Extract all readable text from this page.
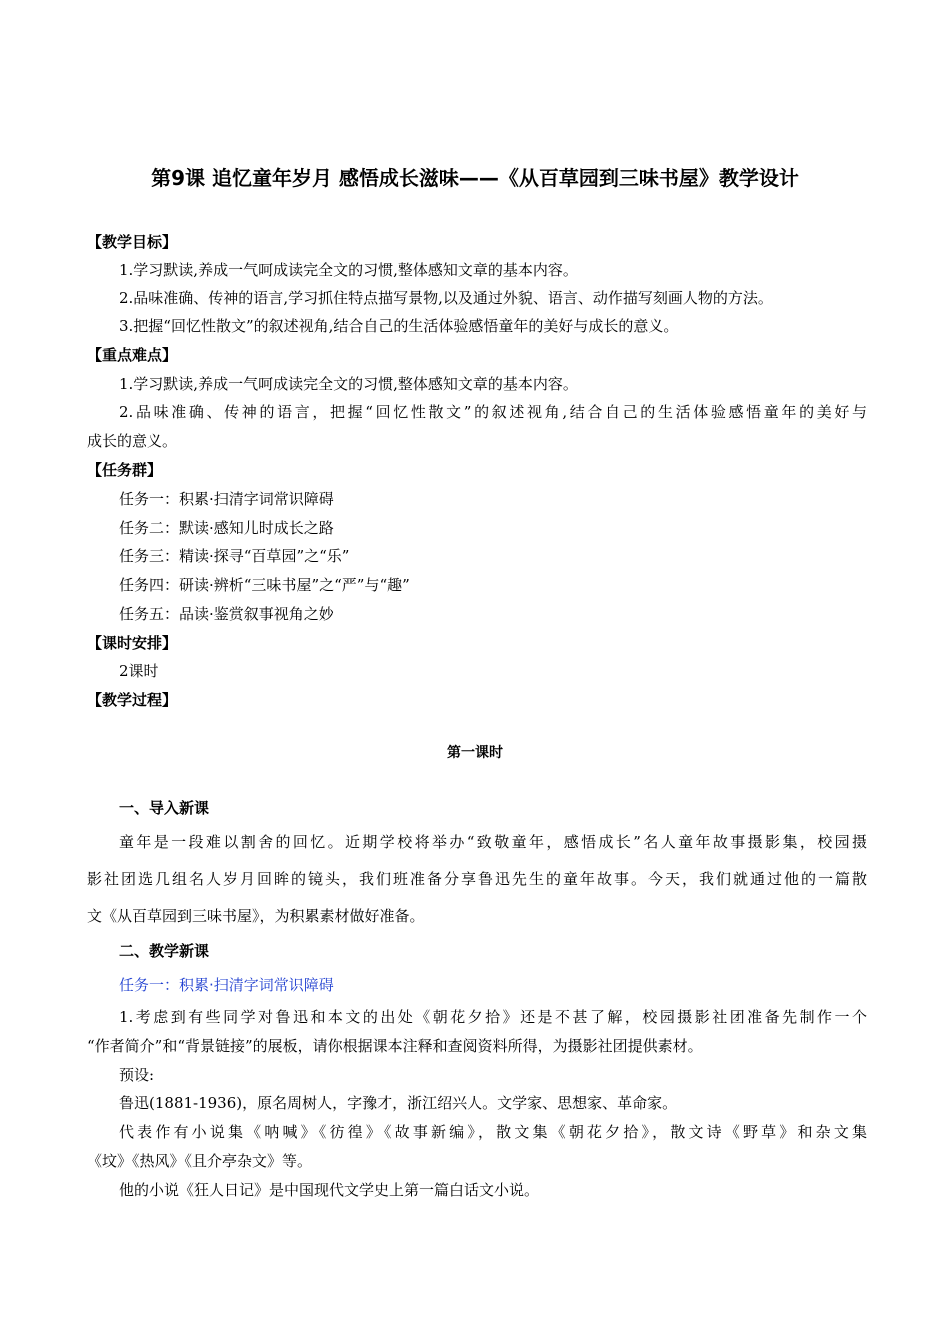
第9课 追忆童年岁月 感悟成长滋味——《从百草园到三味书屋》教学设计
【教学目标】
1.学习默读,养成一气呵成读完全文的习惯,整体感知文章的基本内容。
2.品味准确、传神的语言,学习抓住特点描写景物,以及通过外貌、语言、动作描写刻画人物的方法。
3.把握“回忆性散文”的叙述视角,结合自己的生活体验感悟童年的美好与成长的意义。
【重点难点】
1.学习默读,养成一气呵成读完全文的习惯,整体感知文章的基本内容。
2.品味准确、传神的语言，把握“回忆性散文”的叙述视角,结合自己的生活体验感悟童年的美好与
成长的意义。
【任务群】
任务一：积累·扫清字词常识障碍
任务二：默读·感知儿时成长之路
任务三：精读·探寻“百草园”之“乐”
任务四：研读·辨析“三味书屋”之“严”与“趣”
任务五：品读·鉴赏叙事视角之妙
【课时安排】
2课时
【教学过程】
第一课时
一、导入新课
童年是一段难以割舍的回忆。近期学校将举办“致敬童年，感悟成长”名人童年故事摄影集，校园摄
影社团选几组名人岁月回眸的镜头，我们班准备分享鲁迅先生的童年故事。今天，我们就通过他的一篇散
文《从百草园到三味书屋》，为积累素材做好准备。
二、教学新课
任务一：积累·扫清字词常识障碍
1.考虑到有些同学对鲁迅和本文的出处《朝花夕拾》还是不甚了解，校园摄影社团准备先制作一个
“作者简介”和“背景链接”的展板，请你根据课本注释和查阅资料所得，为摄影社团提供素材。
预设:
鲁迅(1881-1936)，原名周树人，字豫才，浙江绍兴人。文学家、思想家、革命家。
代表作有小说集《呐喊》《彷徨》《故事新编》，散文集《朝花夕拾》，散文诗《野草》和杂文集
《坟》《热风》《且介亭杂文》等。
他的小说《狂人日记》是中国现代文学史上第一篇白话文小说。
